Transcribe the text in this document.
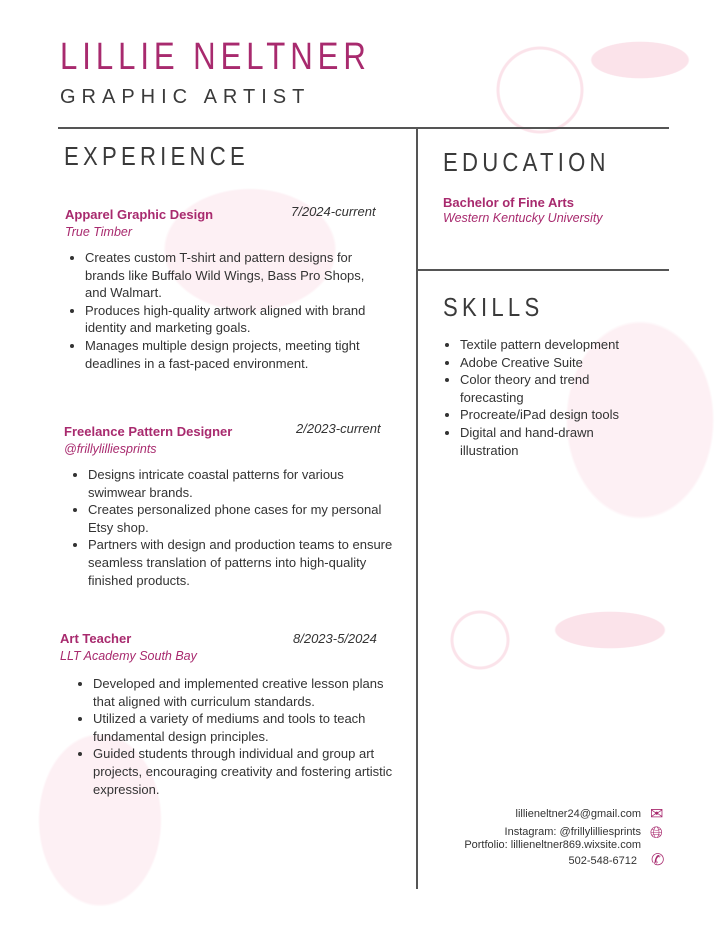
LILLIE NELTNER
GRAPHIC ARTIST
EXPERIENCE
Apparel Graphic Design
True Timber
7/2024-current
• Creates custom T-shirt and pattern designs for brands like Buffalo Wild Wings, Bass Pro Shops, and Walmart.
• Produces high-quality artwork aligned with brand identity and marketing goals.
• Manages multiple design projects, meeting tight deadlines in a fast-paced environment.
Freelance Pattern Designer
@frillylilliesprints
2/2023-current
• Designs intricate coastal patterns for various swimwear brands.
• Creates personalized phone cases for my personal Etsy shop.
• Partners with design and production teams to ensure seamless translation of patterns into high-quality finished products.
Art Teacher
LLT Academy South Bay
8/2023-5/2024
• Developed and implemented creative lesson plans that aligned with curriculum standards.
• Utilized a variety of mediums and tools to teach fundamental design principles.
• Guided students through individual and group art projects, encouraging creativity and fostering artistic expression.
EDUCATION
Bachelor of Fine Arts
Western Kentucky University
SKILLS
• Textile pattern development
• Adobe Creative Suite
• Color theory and trend forecasting
• Procreate/iPad design tools
• Digital and hand-drawn illustration
lillieneltner24@gmail.com
Instagram: @frillylilliesprints
Portfolio: lillieneltner869.wixsite.com
502-548-6712
✉
🌐︎
✆
